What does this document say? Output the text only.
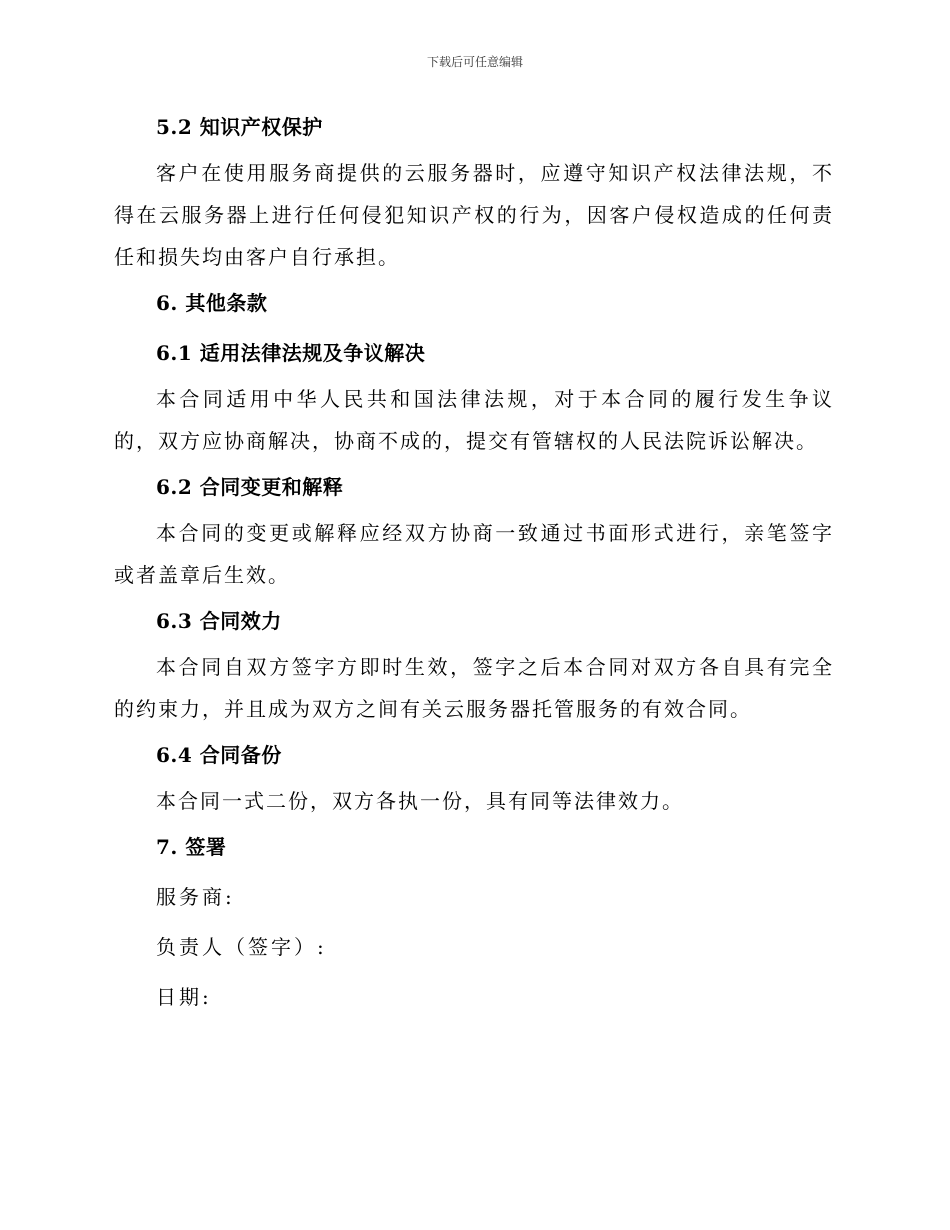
下载后可任意编辑

5.2 知识产权保护

客户在使用服务商提供的云服务器时，应遵守知识产权法律法规，不得在云服务器上进行任何侵犯知识产权的行为，因客户侵权造成的任何责任和损失均由客户自行承担。

6. 其他条款

6.1 适用法律法规及争议解决

本合同适用中华人民共和国法律法规，对于本合同的履行发生争议的，双方应协商解决，协商不成的，提交有管辖权的人民法院诉讼解决。

6.2 合同变更和解释

本合同的变更或解释应经双方协商一致通过书面形式进行，亲笔签字或者盖章后生效。

6.3 合同效力

本合同自双方签字方即时生效，签字之后本合同对双方各自具有完全的约束力，并且成为双方之间有关云服务器托管服务的有效合同。

6.4 合同备份

本合同一式二份，双方各执一份，具有同等法律效力。

7. 签署

服务商:

负责人（签字）:

日期:
